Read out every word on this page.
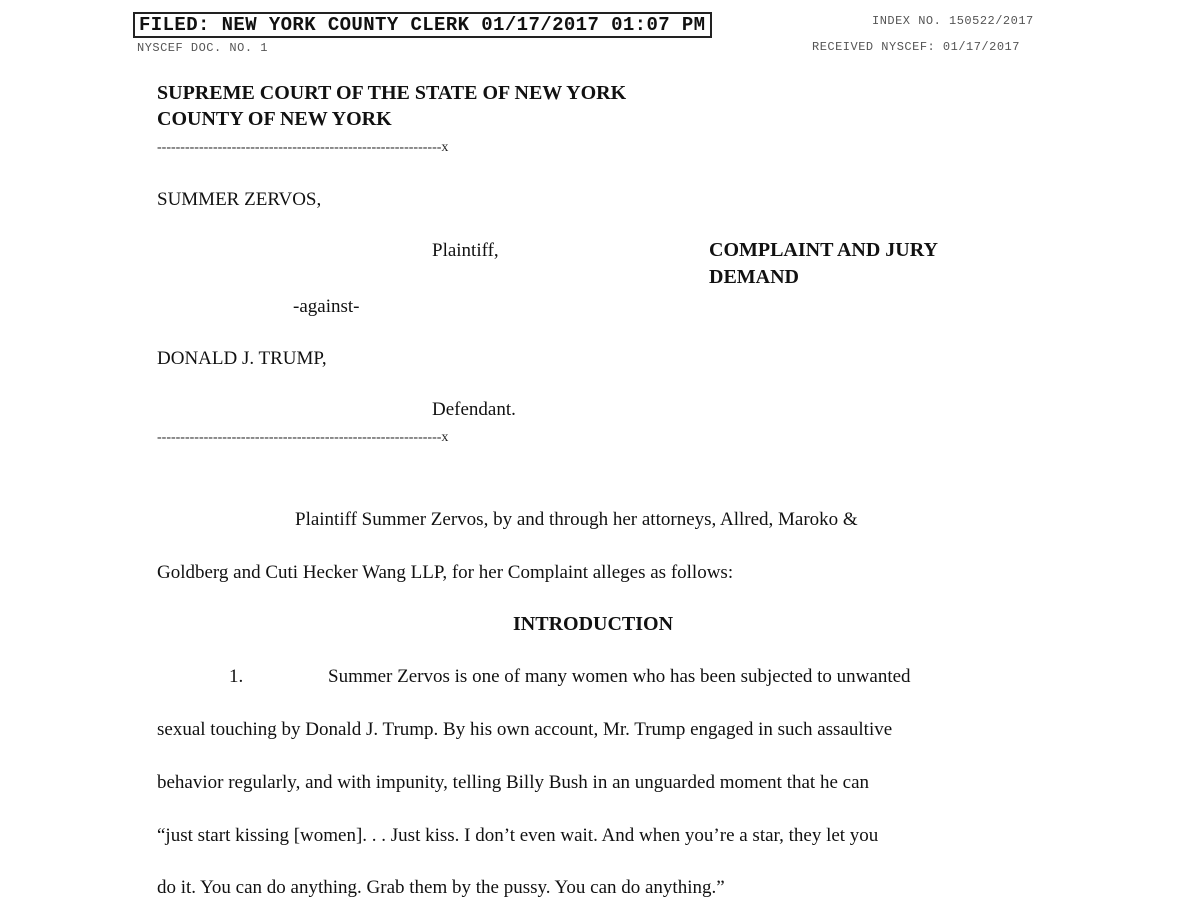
FILED: NEW YORK COUNTY CLERK 01/17/2017 01:07 PM	INDEX NO. 150522/2017
NYSCEF DOC. NO. 1	RECEIVED NYSCEF: 01/17/2017
SUPREME COURT OF THE STATE OF NEW YORK
COUNTY OF NEW YORK
-------------------------------------------------------------x
SUMMER ZERVOS,
Plaintiff,	COMPLAINT AND JURY
DEMAND
-against-
DONALD J. TRUMP,
Defendant.
-------------------------------------------------------------x
Plaintiff Summer Zervos, by and through her attorneys, Allred, Maroko &
Goldberg and Cuti Hecker Wang LLP, for her Complaint alleges as follows:
INTRODUCTION
1.	Summer Zervos is one of many women who has been subjected to unwanted
sexual touching by Donald J. Trump. By his own account, Mr. Trump engaged in such assaultive
behavior regularly, and with impunity, telling Billy Bush in an unguarded moment that he can
“just start kissing [women]. . . Just kiss. I don’t even wait. And when you’re a star, they let you
do it. You can do anything. Grab them by the pussy. You can do anything.”
